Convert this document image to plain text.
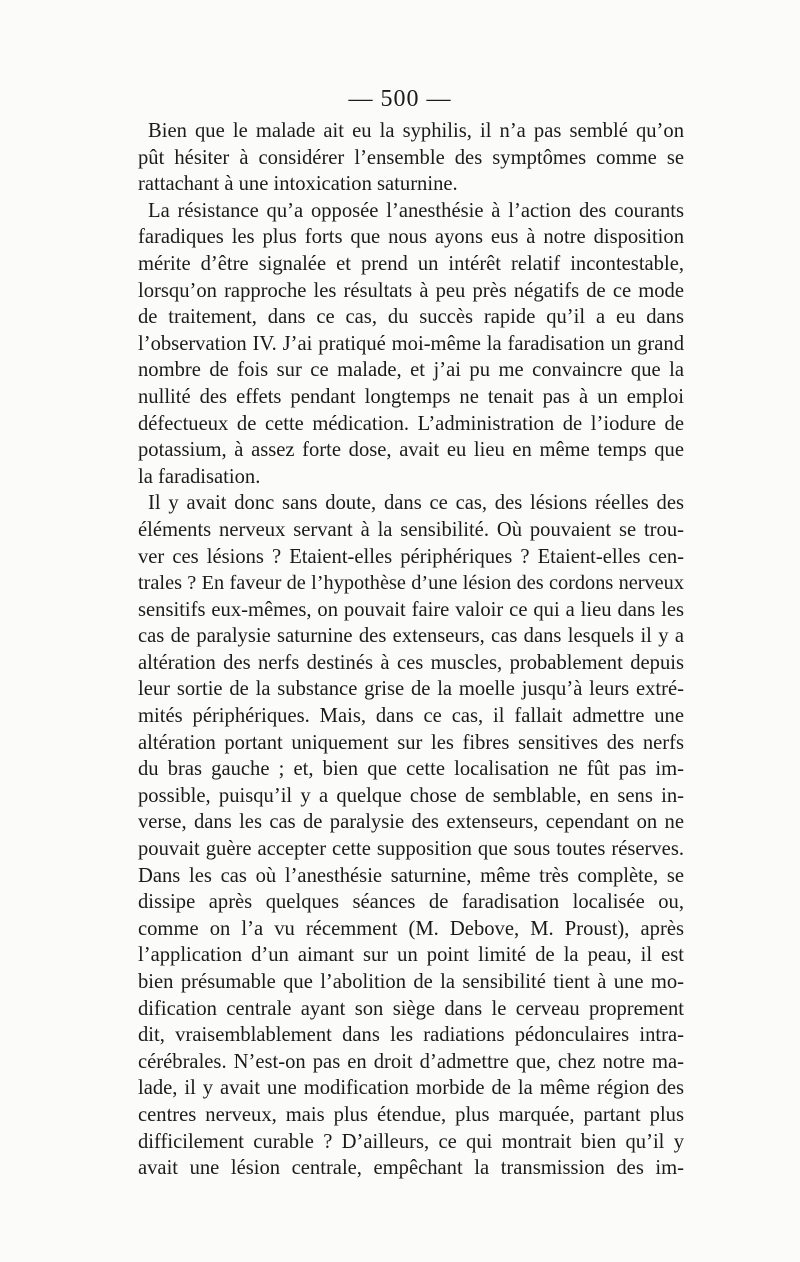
— 500 —
Bien que le malade ait eu la syphilis, il n’a pas semblé qu’on
pût hésiter à considérer l’ensemble des symptômes comme se
rattachant à une intoxication saturnine.
La résistance qu’a opposée l’anesthésie à l’action des courants
faradiques les plus forts que nous ayons eus à notre disposition
mérite d’être signalée et prend un intérêt relatif incontestable,
lorsqu’on rapproche les résultats à peu près négatifs de ce mode
de traitement, dans ce cas, du succès rapide qu’il a eu dans
l’observation IV. J’ai pratiqué moi-même la faradisation un grand
nombre de fois sur ce malade, et j’ai pu me convaincre que la
nullité des effets pendant longtemps ne tenait pas à un emploi
défectueux de cette médication. L’administration de l’iodure de
potassium, à assez forte dose, avait eu lieu en même temps que
la faradisation.
Il y avait donc sans doute, dans ce cas, des lésions réelles des
éléments nerveux servant à la sensibilité. Où pouvaient se trou-
ver ces lésions ? Etaient-elles périphériques ? Etaient-elles cen-
trales ? En faveur de l’hypothèse d’une lésion des cordons nerveux
sensitifs eux-mêmes, on pouvait faire valoir ce qui a lieu dans les
cas de paralysie saturnine des extenseurs, cas dans lesquels il y a
altération des nerfs destinés à ces muscles, probablement depuis
leur sortie de la substance grise de la moelle jusqu’à leurs extré-
mités périphériques. Mais, dans ce cas, il fallait admettre une
altération portant uniquement sur les fibres sensitives des nerfs
du bras gauche ; et, bien que cette localisation ne fût pas im-
possible, puisqu’il y a quelque chose de semblable, en sens in-
verse, dans les cas de paralysie des extenseurs, cependant on ne
pouvait guère accepter cette supposition que sous toutes réserves.
Dans les cas où l’anesthésie saturnine, même très complète, se
dissipe après quelques séances de faradisation localisée ou,
comme on l’a vu récemment (M. Debove, M. Proust), après
l’application d’un aimant sur un point limité de la peau, il est
bien présumable que l’abolition de la sensibilité tient à une mo-
dification centrale ayant son siège dans le cerveau proprement
dit, vraisemblablement dans les radiations pédonculaires intra-
cérébrales. N’est-on pas en droit d’admettre que, chez notre ma-
lade, il y avait une modification morbide de la même région des
centres nerveux, mais plus étendue, plus marquée, partant plus
difficilement curable ? D’ailleurs, ce qui montrait bien qu’il y
avait une lésion centrale, empêchant la transmission des im-
